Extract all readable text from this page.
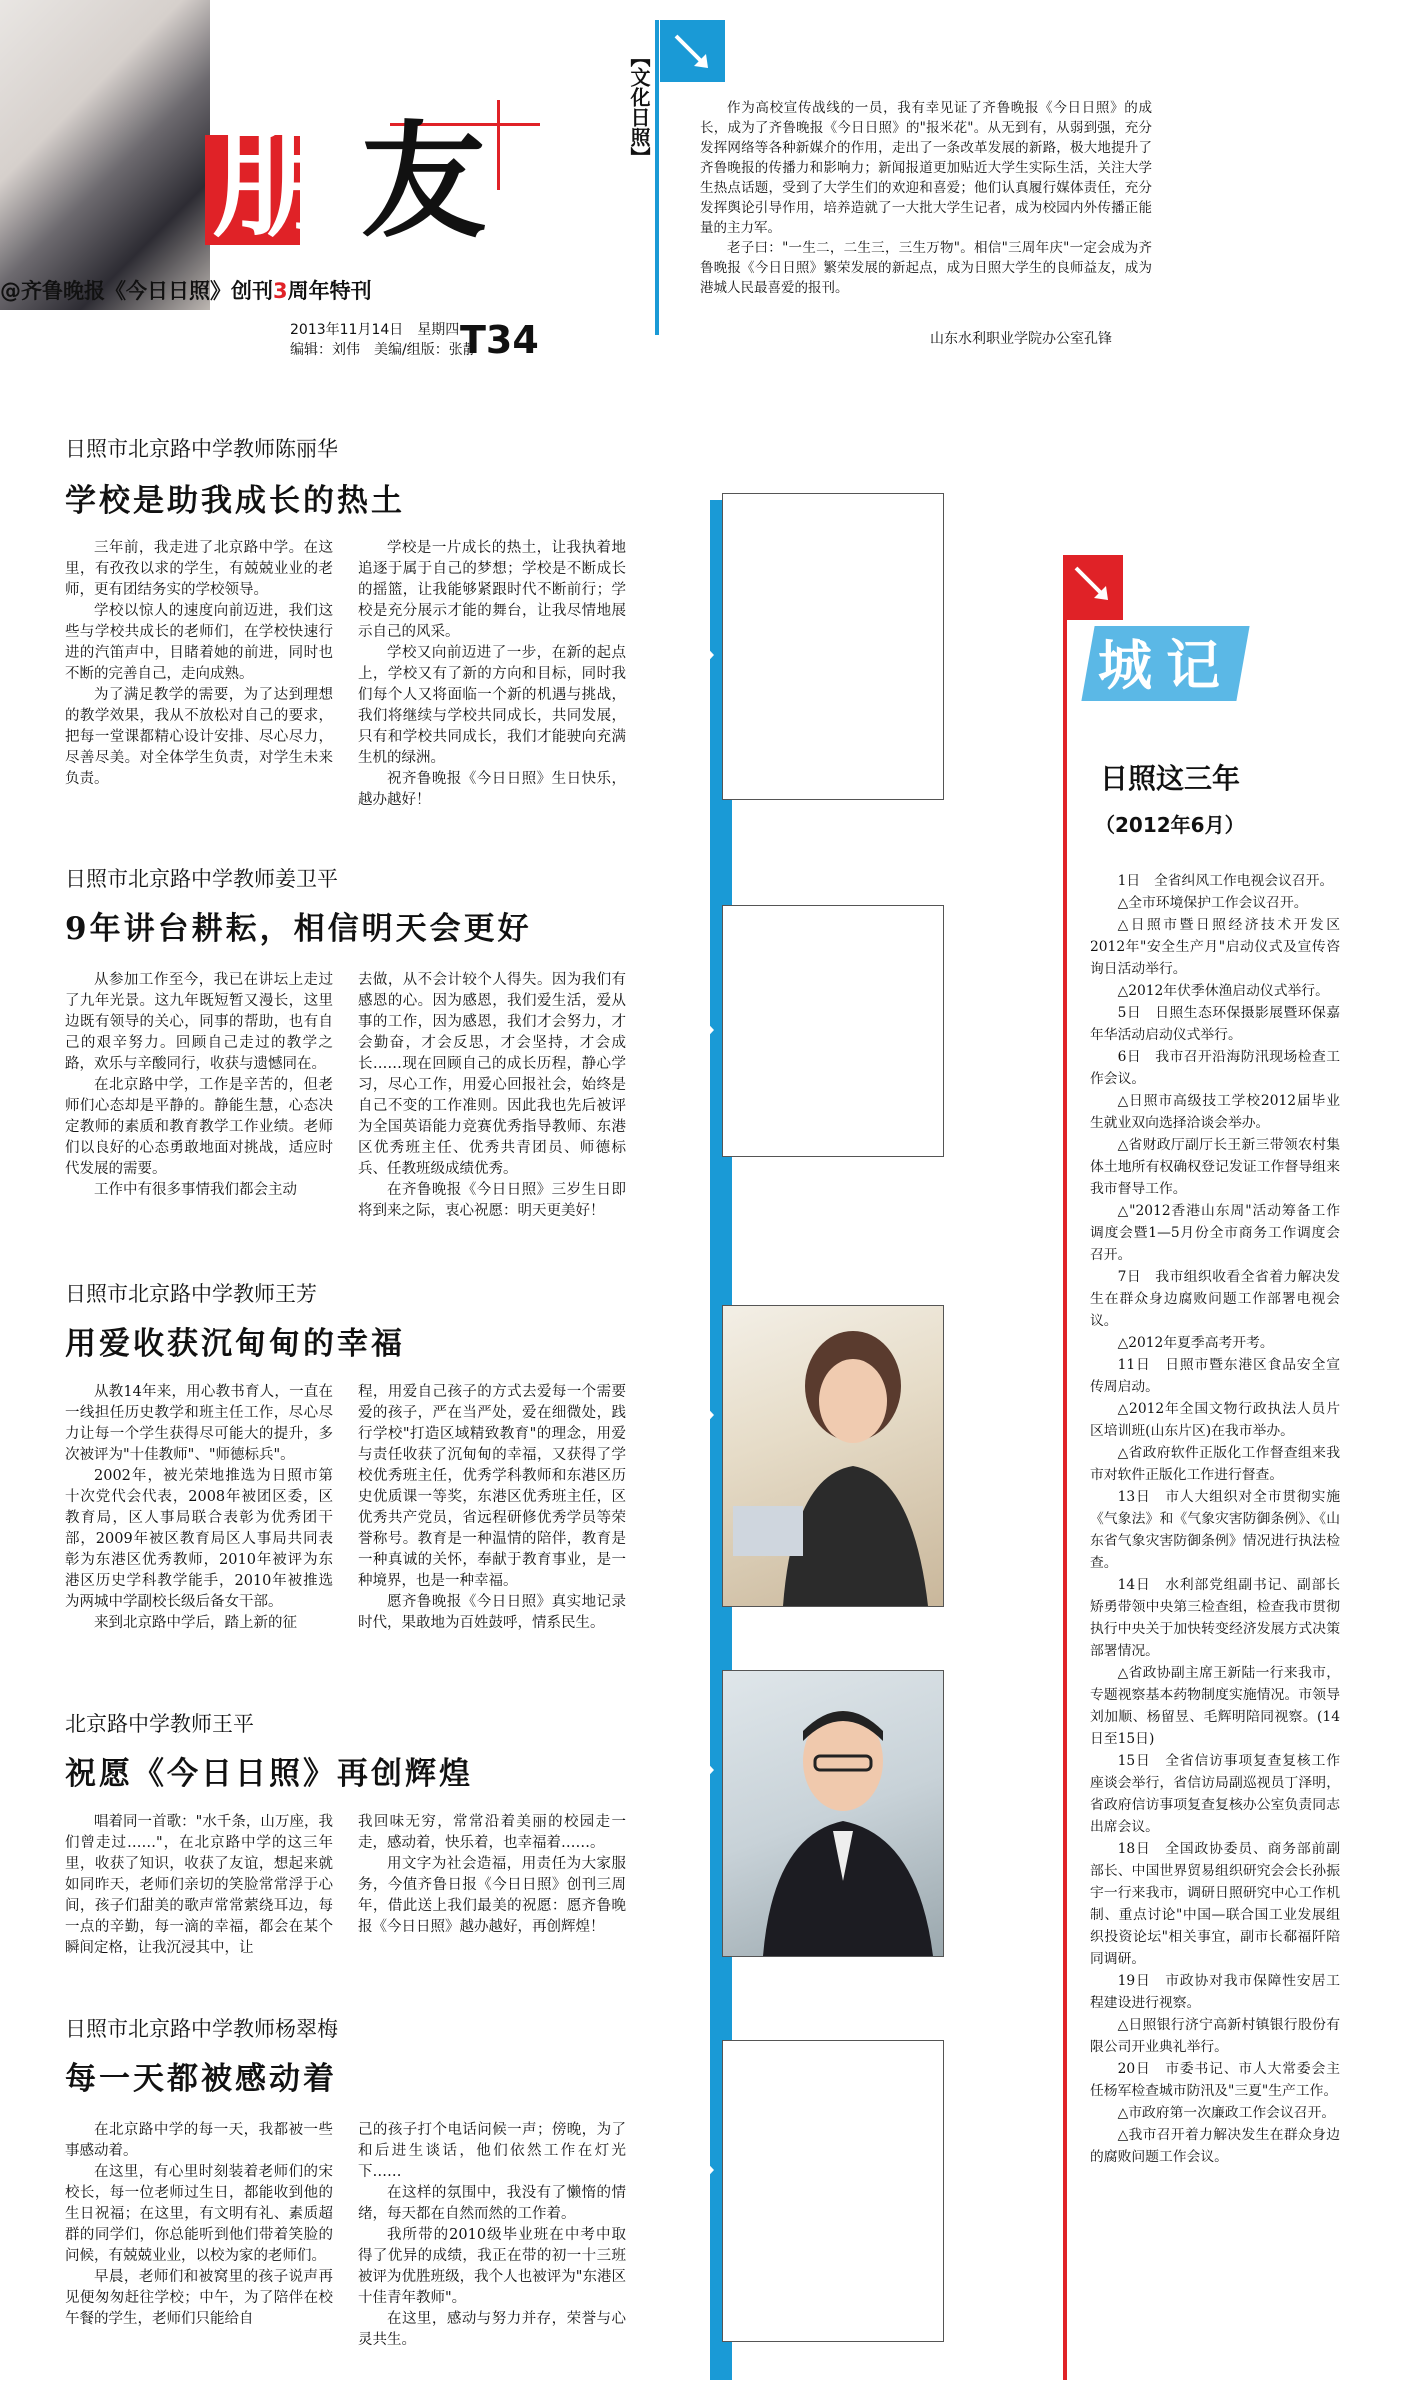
朋友
@齐鲁晚报《今日日照》创刊3周年特刊
2013年11月14日　星期四
编辑：刘伟　美编/组版：张静
T34
【文化日照】	作为高校宣传战线的一员，我有幸见证了齐鲁晚报《今日日照》的成长，成为了齐鲁晚报《今日日照》的"报米花"。从无到有，从弱到强，充分发挥网络等各种新媒介的作用，走出了一条改革发展的新路，极大地提升了齐鲁晚报的传播力和影响力；新闻报道更加贴近大学生实际生活，关注大学生热点话题，受到了大学生们的欢迎和喜爱；他们认真履行媒体责任，充分发挥舆论引导作用，培养造就了一大批大学生记者，成为校园内外传播正能量的主力军。

老子曰："一生二，二生三，三生万物"。相信"三周年庆"一定会成为齐鲁晚报《今日日照》繁荣发展的新起点，成为日照大学生的良师益友，成为港城人民最喜爱的报刊。

山东水利职业学院办公室孔锋
日照市北京路中学教师陈丽华
学校是助我成长的热土

三年前，我走进了北京路中学。在这里，有孜孜以求的学生，有兢兢业业的老师，更有团结务实的学校领导。

学校以惊人的速度向前迈进，我们这些与学校共成长的老师们，在学校快速行进的汽笛声中，目睹着她的前进，同时也不断的完善自己，走向成熟。

为了满足教学的需要，为了达到理想的教学效果，我从不放松对自己的要求，把每一堂课都精心设计安排、尽心尽力，尽善尽美。对全体学生负责，对学生未来负责。

学校是一片成长的热土，让我执着地追逐于属于自己的梦想；学校是不断成长的摇篮，让我能够紧跟时代不断前行；学校是充分展示才能的舞台，让我尽情地展示自己的风采。

学校又向前迈进了一步，在新的起点上，学校又有了新的方向和目标，同时我们每个人又将面临一个新的机遇与挑战，我们将继续与学校共同成长，共同发展，只有和学校共同成长，我们才能驶向充满生机的绿洲。

祝齐鲁晚报《今日日照》生日快乐，越办越好！

日照市北京路中学教师姜卫平
9年讲台耕耘，相信明天会更好

从参加工作至今，我已在讲坛上走过了九年光景。这九年既短暂又漫长，这里边既有领导的关心，同事的帮助，也有自己的艰辛努力。回顾自己走过的教学之路，欢乐与辛酸同行，收获与遗憾同在。

在北京路中学，工作是辛苦的，但老师们心态却是平静的。静能生慧，心态决定教师的素质和教育教学工作业绩。老师们以良好的心态勇敢地面对挑战，适应时代发展的需要。

工作中有很多事情我们都会主动

去做，从不会计较个人得失。因为我们有感恩的心。因为感恩，我们爱生活，爱从事的工作，因为感恩，我们才会努力，才会勤奋，才会反思，才会坚持，才会成长……现在回顾自己的成长历程，静心学习，尽心工作，用爱心回报社会，始终是自己不变的工作准则。因此我也先后被评为全国英语能力竞赛优秀指导教师、东港区优秀班主任、优秀共青团员、师德标兵、任教班级成绩优秀。

在齐鲁晚报《今日日照》三岁生日即将到来之际，衷心祝愿：明天更美好！

日照市北京路中学教师王芳
用爱收获沉甸甸的幸福

从教14年来，用心教书育人，一直在一线担任历史教学和班主任工作，尽心尽力让每一个学生获得尽可能大的提升，多次被评为"十佳教师"、"师德标兵"。

2002年，被光荣地推选为日照市第十次党代会代表，2008年被团区委，区教育局，区人事局联合表彰为优秀团干部，2009年被区教育局区人事局共同表彰为东港区优秀教师，2010年被评为东港区历史学科教学能手，2010年被推选为两城中学副校长级后备女干部。

来到北京路中学后，踏上新的征

程，用爱自己孩子的方式去爱每一个需要爱的孩子，严在当严处，爱在细微处，践行学校"打造区域精致教育"的理念，用爱与责任收获了沉甸甸的幸福，又获得了学校优秀班主任，优秀学科教师和东港区历史优质课一等奖，东港区优秀班主任，区优秀共产党员，省远程研修优秀学员等荣誉称号。教育是一种温情的陪伴，教育是一种真诚的关怀，奉献于教育事业，是一种境界，也是一种幸福。

愿齐鲁晚报《今日日照》真实地记录时代，果敢地为百姓鼓呼，情系民生。

北京路中学教师王平
祝愿《今日日照》再创辉煌

唱着同一首歌："水千条，山万座，我们曾走过……"，在北京路中学的这三年里，收获了知识，收获了友谊，想起来就如同昨天，老师们亲切的笑脸常常浮于心间，孩子们甜美的歌声常常萦绕耳边，每一点的辛勤，每一滴的幸福，都会在某个瞬间定格，让我沉浸其中，让

我回味无穷，常常沿着美丽的校园走一走，感动着，快乐着，也幸福着……。

用文字为社会造福，用责任为大家服务，今值齐鲁日报《今日日照》创刊三周年，借此送上我们最美的祝愿：愿齐鲁晚报《今日日照》越办越好，再创辉煌！

日照市北京路中学教师杨翠梅
每一天都被感动着

在北京路中学的每一天，我都被一些事感动着。

在这里，有心里时刻装着老师们的宋校长，每一位老师过生日，都能收到他的生日祝福；在这里，有文明有礼、素质超群的同学们，你总能听到他们带着笑脸的问候，有兢兢业业，以校为家的老师们。

早晨，老师们和被窝里的孩子说声再见便匆匆赶往学校；中午，为了陪伴在校午餐的学生，老师们只能给自

己的孩子打个电话问候一声；傍晚，为了和后进生谈话，他们依然工作在灯光下……

在这样的氛围中，我没有了懒惰的情绪，每天都在自然而然的工作着。

我所带的2010级毕业班在中考中取得了优异的成绩，我正在带的初一十三班被评为优胜班级，我个人也被评为"东港区十佳青年教师"。

在这里，感动与努力并存，荣誉与心灵共生。

城记
日照这三年
（2012年6月）

1日　全省纠风工作电视会议召开。

△全市环境保护工作会议召开。

△日照市暨日照经济技术开发区2012年"安全生产月"启动仪式及宣传咨询日活动举行。

△2012年伏季休渔启动仪式举行。

5日　日照生态环保摄影展暨环保嘉年华活动启动仪式举行。

6日　我市召开沿海防汛现场检查工作会议。

△日照市高级技工学校2012届毕业生就业双向选择洽谈会举办。

△省财政厅副厅长王新三带领农村集体土地所有权确权登记发证工作督导组来我市督导工作。

△"2012香港山东周"活动筹备工作调度会暨1—5月份全市商务工作调度会召开。

7日　我市组织收看全省着力解决发生在群众身边腐败问题工作部署电视会议。

△2012年夏季高考开考。

11日　日照市暨东港区食品安全宣传周启动。

△2012年全国文物行政执法人员片区培训班(山东片区)在我市举办。

△省政府软件正版化工作督查组来我市对软件正版化工作进行督查。

13日　市人大组织对全市贯彻实施《气象法》和《气象灾害防御条例》、《山东省气象灾害防御条例》情况进行执法检查。

14日　水利部党组副书记、副部长矫勇带领中央第三检查组，检查我市贯彻执行中央关于加快转变经济发展方式决策部署情况。

△省政协副主席王新陆一行来我市，专题视察基本药物制度实施情况。市领导刘加顺、杨留昱、毛辉明陪同视察。(14日至15日)

15日　全省信访事项复查复核工作座谈会举行，省信访局副巡视员丁泽明，省政府信访事项复查复核办公室负责同志出席会议。

18日　全国政协委员、商务部前副部长、中国世界贸易组织研究会会长孙振宇一行来我市，调研日照研究中心工作机制、重点讨论"中国—联合国工业发展组织投资论坛"相关事宜，副市长郗福阡陪同调研。

19日　市政协对我市保障性安居工程建设进行视察。

△日照银行济宁高新村镇银行股份有限公司开业典礼举行。

20日　市委书记、市人大常委会主任杨军检查城市防汛及"三夏"生产工作。

△市政府第一次廉政工作会议召开。

△我市召开着力解决发生在群众身边的腐败问题工作会议。
